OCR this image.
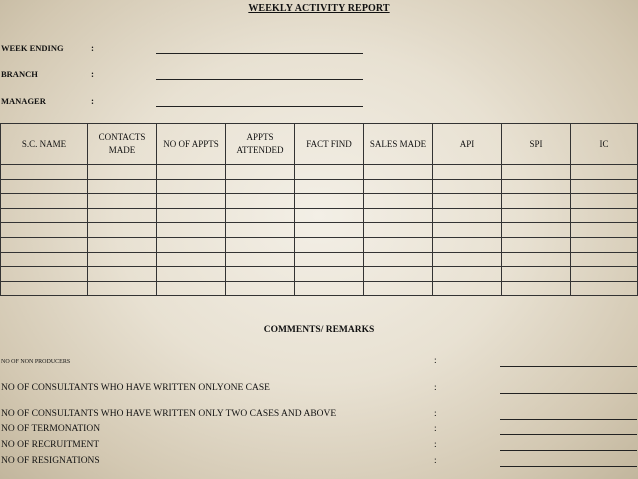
WEEKLY ACTIVITY REPORT
WEEK ENDING	:
BRANCH	:
MANAGER	:
S.C. NAME	CONTACTS MADE	NO OF APPTS	APPTS ATTENDED	FACT FIND	SALES MADE	API	SPI	IC

COMMENTS/ REMARKS
NO OF NON PRODUCERS	:
NO OF CONSULTANTS WHO HAVE WRITTEN ONLYONE CASE	:
NO OF CONSULTANTS WHO HAVE WRITTEN ONLY TWO CASES AND ABOVE	:
NO OF TERMONATION	:
NO OF RECRUITMENT	:
NO OF RESIGNATIONS	:
